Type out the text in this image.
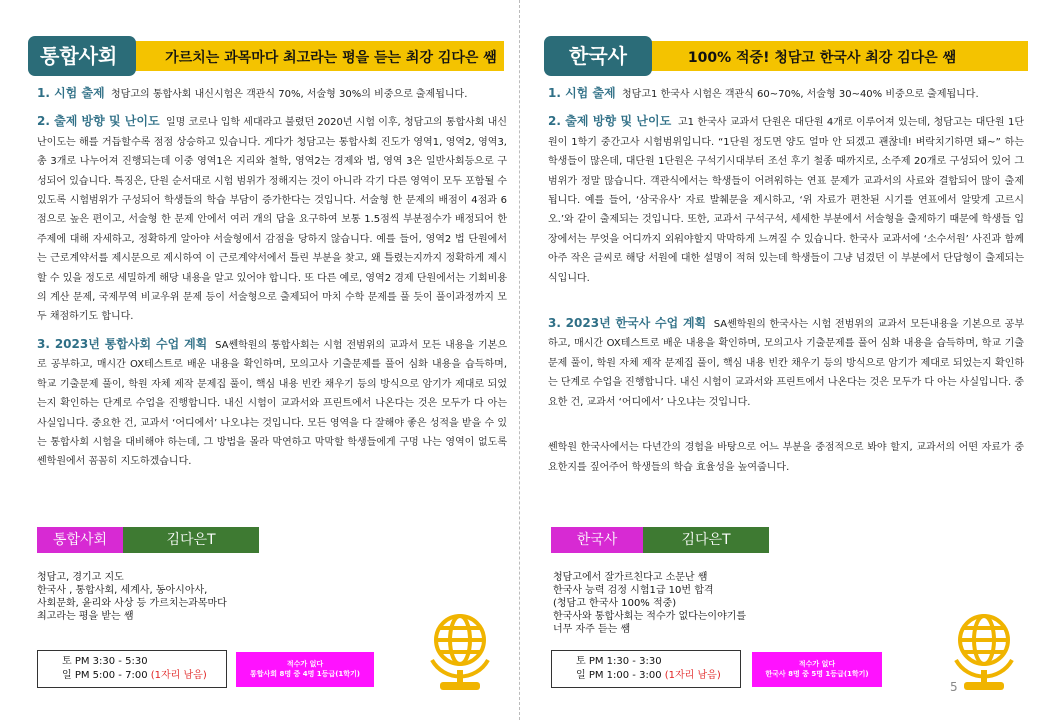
가르치는 과목마다 최고라는 평을 듣는 최강 김다은 쌤
통합사회

1. 시험 출제 청담고의 통합사회 내신시험은 객관식 70%, 서술형 30%의 비중으로 출제됩니다.

2. 출제 방향 및 난이도 일명 코로나 입학 세대라고 불렸던 2020년 시험 이후, 청담고의 통합사회 내신 난이도는 해를 거듭할수록 점점 상승하고 있습니다. 게다가 청담고는 통합사회 진도가 영역1, 영역2, 영역3, 총 3개로 나누어져 진행되는데 이중 영역1은 지리와 철학, 영역2는 경제와 법, 영역 3은 일반사회등으로 구성되어 있습니다. 특징은, 단원 순서대로 시험 범위가 정해지는 것이 아니라 각기 다른 영역이 모두 포함될 수 있도록 시험범위가 구성되어 학생들의 학습 부담이 증가한다는 것입니다. 서술형 한 문제의 배점이 4점과 6점으로 높은 편이고, 서술형 한 문제 안에서 여러 개의 답을 요구하여 보통 1.5점씩 부분점수가 배정되어 한 주제에 대해 자세하고, 정확하게 알아야 서술형에서 감점을 당하지 않습니다. 예를 들어, 영역2 법 단원에서는 근로계약서를 제시문으로 제시하여 이 근로계약서에서 틀린 부분을 찾고, 왜 틀렸는지까지 정확하게 제시할 수 있을 정도로 세밀하게 해당 내용을 알고 있어야 합니다. 또 다른 예로, 영역2 경제 단원에서는 기회비용의 계산 문제, 국제무역 비교우위 문제 등이 서술형으로 출제되어 마치 수학 문제를 풀 듯이 풀이과정까지 모두 채점하기도 합니다.

3. 2023년 통합사회 수업 계획 SA쎈학원의 통합사회는 시험 전범위의 교과서 모든 내용을 기본으로 공부하고, 매시간 OX테스트로 배운 내용을 확인하며, 모의고사 기출문제를 풀어 심화 내용을 습득하며, 학교 기출문제 풀이, 학원 자체 제작 문제집 풀이, 핵심 내용 빈칸 채우기 등의 방식으로 암기가 제대로 되었는지 확인하는 단계로 수업을 진행합니다. 내신 시험이 교과서와 프린트에서 나온다는 것은 모두가 다 아는 사실입니다. 중요한 건, 교과서 ‘어디에서’ 나오냐는 것입니다. 모든 영역을 다 잘해야 좋은 성적을 받을 수 있는 통합사회 시험을 대비해야 하는데, 그 방법을 몰라 막연하고 막막할 학생들에게 구멍 나는 영역이 없도록 쎈학원에서 꼼꼼히 지도하겠습니다.

통합사회	김다은T
청담고, 경기고 지도
한국사 , 통합사회, 세계사, 동아시아사,
사회문화, 윤리와 사상 등 가르치는과목마다
최고라는 평을 받는 쌤
토 PM 3:30 - 5:30
일 PM 5:00 - 7:00 (1자리 남음)
적수가 없다
통합사회 8명 중 4명 1등급(1학기)
100% 적중! 청담고 한국사 최강 김다은 쌤
한국사

1. 시험 출제 청담고1 한국사 시험은 객관식 60~70%, 서술형 30~40% 비중으로 출제됩니다.

2. 출제 방향 및 난이도 고1 한국사 교과서 단원은 대단원 4개로 이루어져 있는데, 청담고는 대단원 1단원이 1학기 중간고사 시험범위입니다. “1단원 정도면 양도 얼마 안 되겠고 괜찮네! 벼락치기하면 돼~” 하는 학생들이 많은데, 대단원 1단원은 구석기시대부터 조선 후기 철종 때까지로, 소주제 20개로 구성되어 있어 그 범위가 정말 많습니다. 객관식에서는 학생들이 어려워하는 연표 문제가 교과서의 사료와 결합되어 많이 출제됩니다. 예를 들어, ‘삼국유사’ 자료 발췌문을 제시하고, ‘위 자료가 편찬된 시기를 연표에서 알맞게 고르시오.’와 같이 출제되는 것입니다. 또한, 교과서 구석구석, 세세한 부분에서 서술형을 출제하기 때문에 학생들 입장에서는 무엇을 어디까지 외워야할지 막막하게 느껴질 수 있습니다. 한국사 교과서에 ‘소수서원’ 사진과 함께 아주 작은 글씨로 해당 서원에 대한 설명이 적혀 있는데 학생들이 그냥 넘겼던 이 부분에서 단답형이 출제되는 식입니다.

3. 2023년 한국사 수업 계획 SA쎈학원의 한국사는 시험 전범위의 교과서 모든내용을 기본으로 공부하고, 매시간 OX테스트로 배운 내용을 확인하며, 모의고사 기출문제를 풀어 심화 내용을 습득하며, 학교 기출문제 풀이, 학원 자체 제작 문제집 풀이, 핵심 내용 빈칸 채우기 등의 방식으로 암기가 제대로 되었는지 확인하는 단계로 수업을 진행합니다. 내신 시험이 교과서와 프린트에서 나온다는 것은 모두가 다 아는 사실입니다. 중요한 건, 교과서 ‘어디에서’ 나오냐는 것입니다.

쎈학원 한국사에서는 다년간의 경험을 바탕으로 어느 부분을 중점적으로 봐야 할지, 교과서의 어떤 자료가 중요한지를 짚어주어 학생들의 학습 효율성을 높여줍니다.

한국사	김다은T
청담고에서 잘가르친다고 소문난 쌤
한국사 능력 검정 시험1급 10번 합격
(청담고 한국사 100% 적중)
한국사와 통합사회는 적수가 없다는이야기를
너무 자주 듣는 쌤
토 PM 1:30 - 3:30
일 PM 1:00 - 3:00 (1자리 남음)
적수가 없다
한국사 8명 중 5명 1등급(1학기)
5
